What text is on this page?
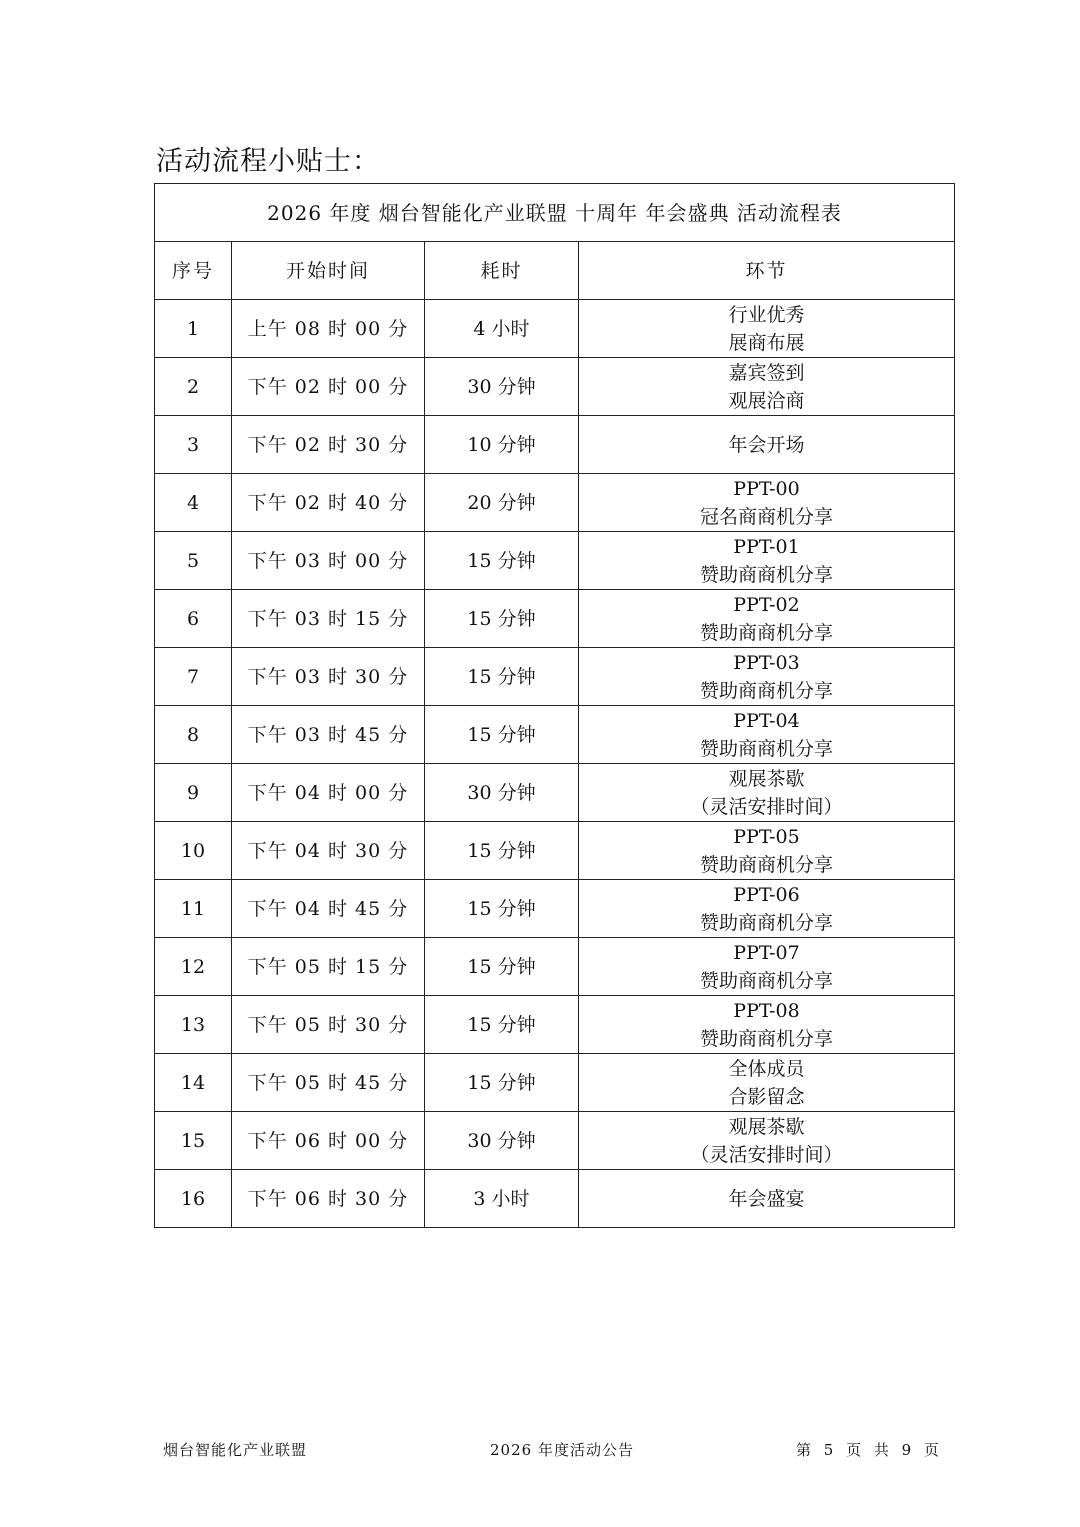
活动流程小贴士：
2026 年度 烟台智能化产业联盟 十周年 年会盛典 活动流程表			
序号	开始时间	耗时	环节
1	上午 08 时 00 分	4 小时	行业优秀
展商布展

2	下午 02 时 00 分	30 分钟	嘉宾签到
观展洽商

3	下午 02 时 30 分	10 分钟	年会开场

4	下午 02 时 40 分	20 分钟	PPT-00
冠名商商机分享

5	下午 03 时 00 分	15 分钟	PPT-01
赞助商商机分享

6	下午 03 时 15 分	15 分钟	PPT-02
赞助商商机分享

7	下午 03 时 30 分	15 分钟	PPT-03
赞助商商机分享

8	下午 03 时 45 分	15 分钟	PPT-04
赞助商商机分享

9	下午 04 时 00 分	30 分钟	观展茶歇
（灵活安排时间）

10	下午 04 时 30 分	15 分钟	PPT-05
赞助商商机分享

11	下午 04 时 45 分	15 分钟	PPT-06
赞助商商机分享

12	下午 05 时 15 分	15 分钟	PPT-07
赞助商商机分享

13	下午 05 时 30 分	15 分钟	PPT-08
赞助商商机分享

14	下午 05 时 45 分	15 分钟	全体成员
合影留念

15	下午 06 时 00 分	30 分钟	观展茶歇
（灵活安排时间）

16	下午 06 时 30 分	3 小时	年会盛宴
烟台智能化产业联盟	2026 年度活动公告	第 5 页 共 9 页
